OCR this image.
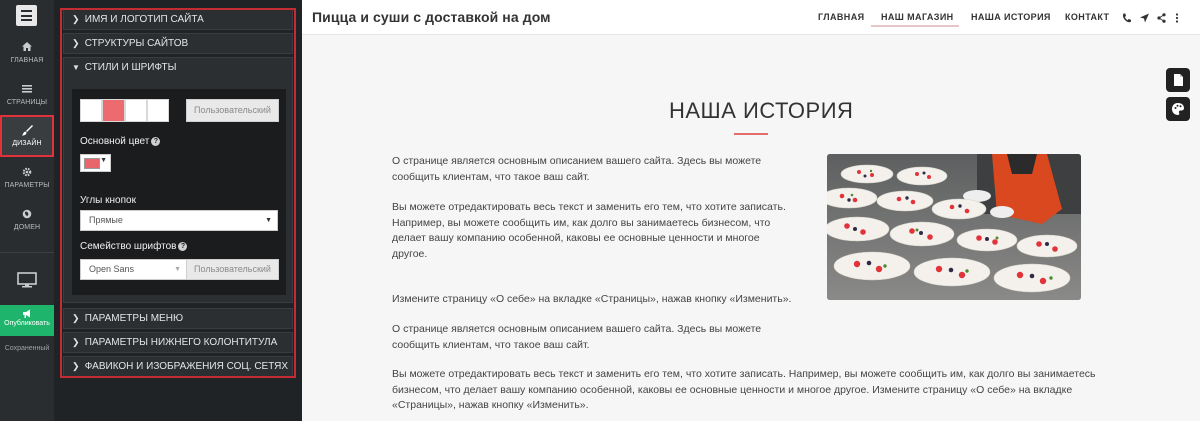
ГЛАВНАЯ
СТРАНИЦЫ
ДИЗАЙН
ПАРАМЕТРЫ
ДОМЕН
Опубликовать
Сохраненный
❯ ИМЯ И ЛОГОТИП САЙТА
❯ СТРУКТУРЫ САЙТОВ
▼ СТИЛИ И ШРИФТЫ
Пользовательский
Основной цвет ?
▼
Углы кнопок
Прямые	▼
Семейство шрифтов ?
Open Sans	▼	Пользовательский
❯ ПАРАМЕТРЫ МЕНЮ
❯ ПАРАМЕТРЫ НИЖНЕГО КОЛОНТИТУЛА
❯ ФАВИКОН И ИЗОБРАЖЕНИЯ СОЦ. СЕТЯХ
Пицца и суши с доставкой на дом	ГЛАВНАЯ НАШ МАГАЗИН НАША ИСТОРИЯ КОНТАКТ
НАША ИСТОРИЯ
О странице является основным описанием вашего сайта. Здесь вы можете сообщить клиентам, что такое ваш сайт.
Вы можете отредактировать весь текст и заменить его тем, что хотите записать. Например, вы можете сообщить им, как долго вы занимаетесь бизнесом, что делает вашу компанию особенной, каковы ее основные ценности и многое другое.
Измените страницу «О себе» на вкладке «Страницы», нажав кнопку «Изменить».
О странице является основным описанием вашего сайта. Здесь вы можете сообщить клиентам, что такое ваш сайт.
Вы можете отредактировать весь текст и заменить его тем, что хотите записать. Например, вы можете сообщить им, как долго вы занимаетесь бизнесом, что делает вашу компанию особенной, каковы ее основные ценности и многое другое. Измените страницу «О себе» на вкладке «Страницы», нажав кнопку «Изменить».
